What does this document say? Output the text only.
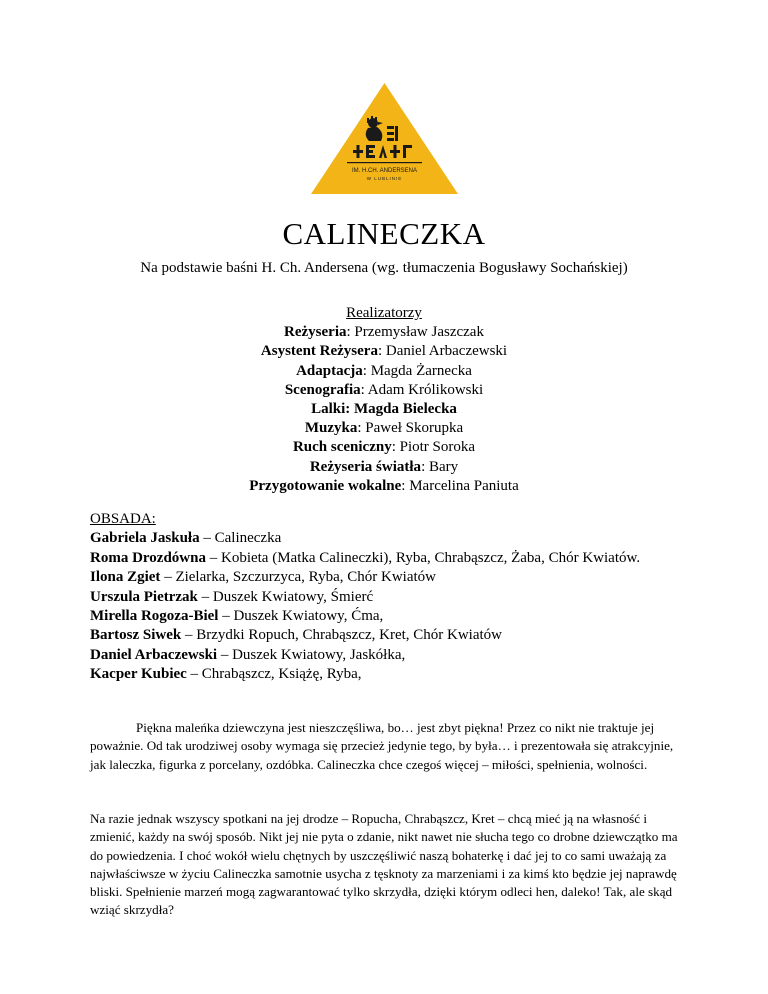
IM. H.CH. ANDERSENA
W LUBLINIE
CALINECZKA
Na podstawie baśni H. Ch. Andersena (wg. tłumaczenia Bogusławy Sochańskiej)
Realizatorzy
Reżyseria: Przemysław Jaszczak
Asystent Reżysera: Daniel Arbaczewski
Adaptacja: Magda Żarnecka
Scenografia: Adam Królikowski
Lalki: Magda Bielecka
Muzyka: Paweł Skorupka
Ruch sceniczny: Piotr Soroka
Reżyseria światła: Bary
Przygotowanie wokalne: Marcelina Paniuta
OBSADA:
Gabriela Jaskuła – Calineczka
Roma Drozdówna – Kobieta (Matka Calineczki), Ryba, Chrabąszcz, Żaba, Chór Kwiatów.
Ilona Zgiet – Zielarka, Szczurzyca, Ryba, Chór Kwiatów
Urszula Pietrzak – Duszek Kwiatowy, Śmierć
Mirella Rogoza-Biel – Duszek Kwiatowy, Ćma,
Bartosz Siwek – Brzydki Ropuch, Chrabąszcz, Kret, Chór Kwiatów
Daniel Arbaczewski – Duszek Kwiatowy, Jaskółka,
Kacper Kubiec – Chrabąszcz, Książę, Ryba,

Piękna maleńka dziewczyna jest nieszczęśliwa, bo… jest zbyt piękna! Przez co nikt nie traktuje jej poważnie. Od tak urodziwej osoby wymaga się przecież jedynie tego, by była… i prezentowała się atrakcyjnie, jak laleczka, figurka z porcelany, ozdóbka. Calineczka chce czegoś więcej – miłości, spełnienia, wolności.

Na razie jednak wszyscy spotkani na jej drodze – Ropucha, Chrabąszcz, Kret – chcą mieć ją na własność i zmienić, każdy na swój sposób. Nikt jej nie pyta o zdanie, nikt nawet nie słucha tego co drobne dziewczątko ma do powiedzenia. I choć wokół wielu chętnych by uszczęśliwić naszą bohaterkę i dać jej to co sami uważają za najwłaściwsze w życiu Calineczka samotnie usycha z tęsknoty za marzeniami i za kimś kto będzie jej naprawdę bliski. Spełnienie marzeń mogą zagwarantować tylko skrzydła, dzięki którym odleci hen, daleko! Tak, ale skąd wziąć skrzydła?
